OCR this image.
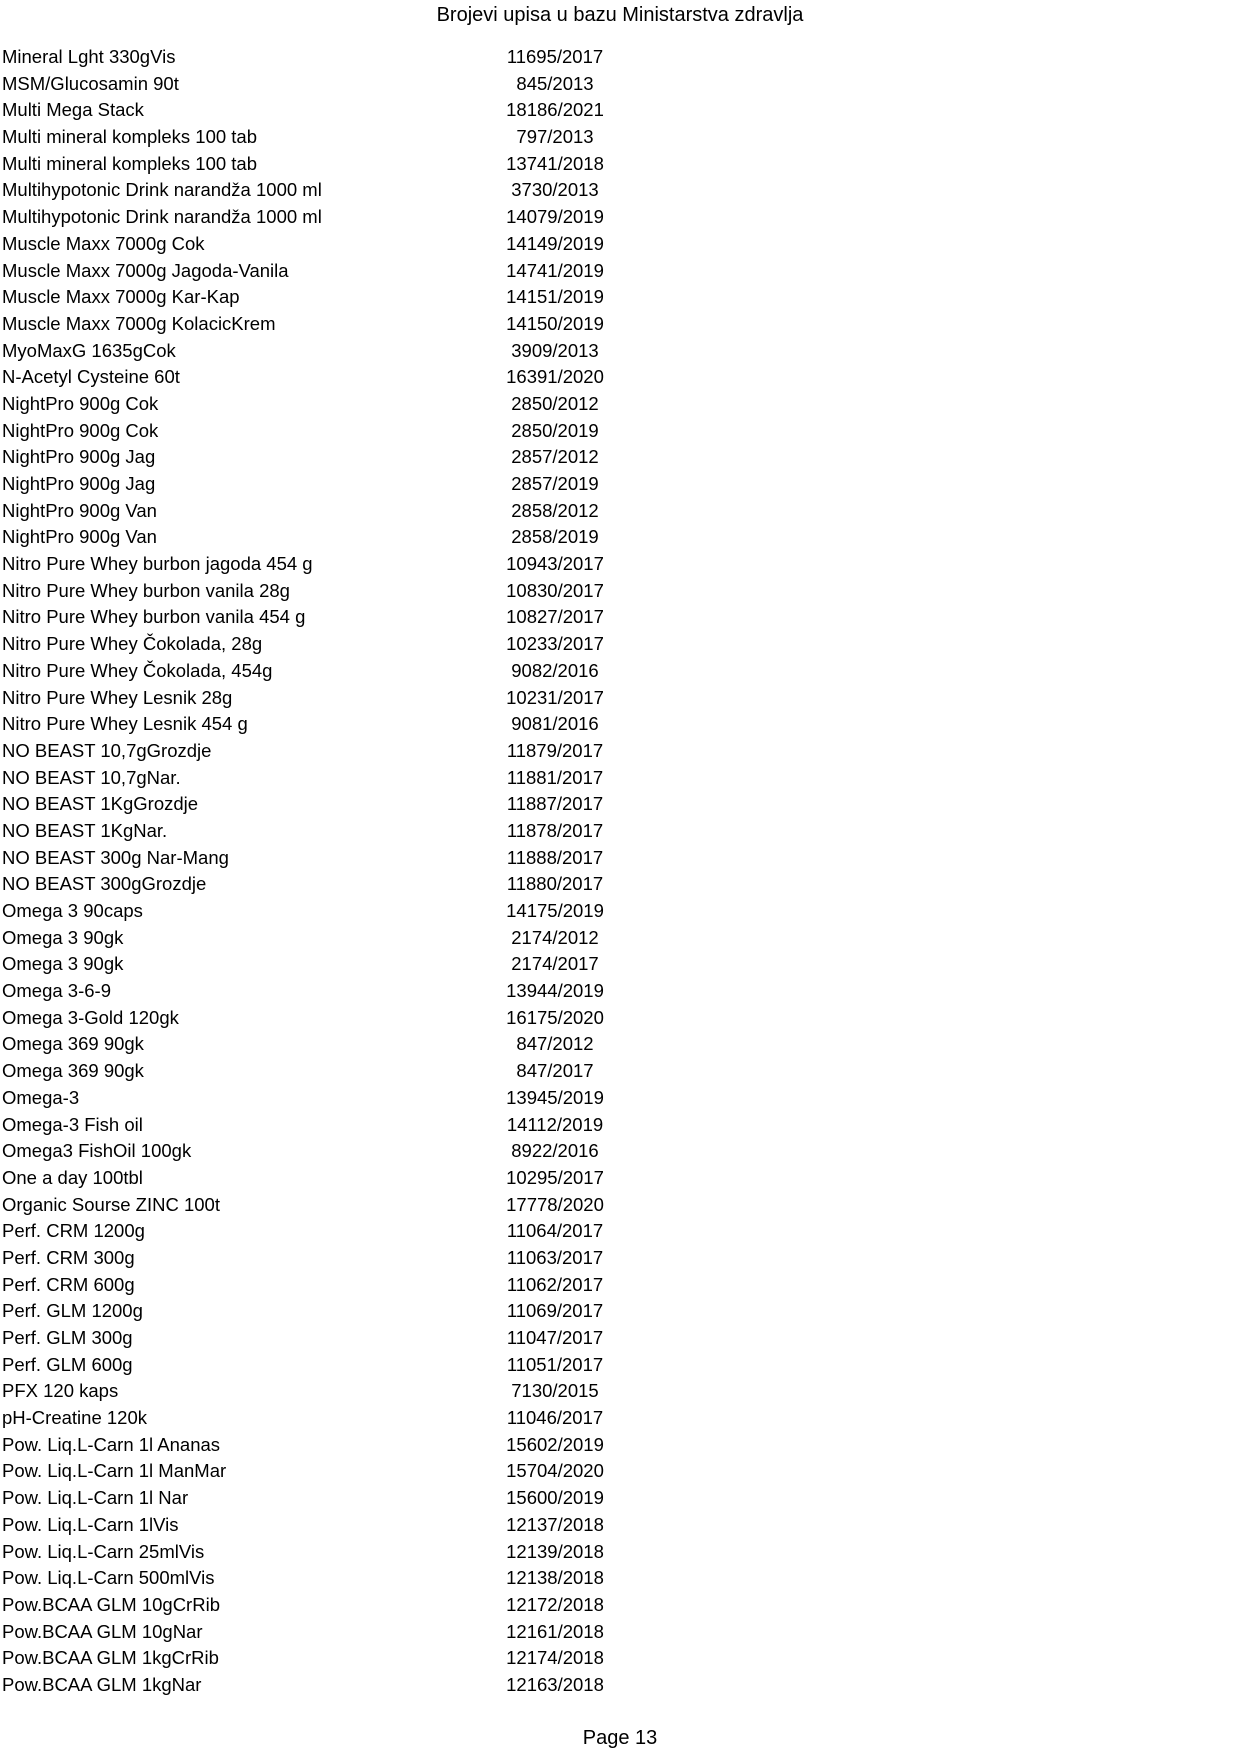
Brojevi upisa u bazu Ministarstva zdravlja
Mineral Lght 330gVis	11695/2017
MSM/Glucosamin 90t	845/2013
Multi Mega Stack	18186/2021
Multi mineral kompleks 100 tab	797/2013
Multi mineral kompleks 100 tab	13741/2018
Multihypotonic Drink narandža 1000 ml	3730/2013
Multihypotonic Drink narandža 1000 ml	14079/2019
Muscle Maxx 7000g Cok	14149/2019
Muscle Maxx 7000g Jagoda-Vanila	14741/2019
Muscle Maxx 7000g Kar-Kap	14151/2019
Muscle Maxx 7000g KolacicKrem	14150/2019
MyoMaxG 1635gCok	3909/2013
N-Acetyl Cysteine 60t	16391/2020
NightPro 900g Cok	2850/2012
NightPro 900g Cok	2850/2019
NightPro 900g Jag	2857/2012
NightPro 900g Jag	2857/2019
NightPro 900g Van	2858/2012
NightPro 900g Van	2858/2019
Nitro Pure Whey burbon jagoda 454 g	10943/2017
Nitro Pure Whey burbon vanila 28g	10830/2017
Nitro Pure Whey burbon vanila 454 g	10827/2017
Nitro Pure Whey Čokolada, 28g	10233/2017
Nitro Pure Whey Čokolada, 454g	9082/2016
Nitro Pure Whey Lesnik 28g	10231/2017
Nitro Pure Whey Lesnik 454 g	9081/2016
NO BEAST 10,7gGrozdje	11879/2017
NO BEAST 10,7gNar.	11881/2017
NO BEAST 1KgGrozdje	11887/2017
NO BEAST 1KgNar.	11878/2017
NO BEAST 300g Nar-Mang	11888/2017
NO BEAST 300gGrozdje	11880/2017
Omega 3 90caps	14175/2019
Omega 3 90gk	2174/2012
Omega 3 90gk	2174/2017
Omega 3-6-9	13944/2019
Omega 3-Gold 120gk	16175/2020
Omega 369 90gk	847/2012
Omega 369 90gk	847/2017
Omega-3	13945/2019
Omega-3 Fish oil	14112/2019
Omega3 FishOil 100gk	8922/2016
One a day 100tbl	10295/2017
Organic Sourse ZINC 100t	17778/2020
Perf. CRM 1200g	11064/2017
Perf. CRM 300g	11063/2017
Perf. CRM 600g	11062/2017
Perf. GLM 1200g	11069/2017
Perf. GLM 300g	11047/2017
Perf. GLM 600g	11051/2017
PFX 120 kaps	7130/2015
pH-Creatine 120k	11046/2017
Pow. Liq.L-Carn 1l Ananas	15602/2019
Pow. Liq.L-Carn 1l ManMar	15704/2020
Pow. Liq.L-Carn 1l Nar	15600/2019
Pow. Liq.L-Carn 1lVis	12137/2018
Pow. Liq.L-Carn 25mlVis	12139/2018
Pow. Liq.L-Carn 500mlVis	12138/2018
Pow.BCAA GLM 10gCrRib	12172/2018
Pow.BCAA GLM 10gNar	12161/2018
Pow.BCAA GLM 1kgCrRib	12174/2018
Pow.BCAA GLM 1kgNar	12163/2018
Page 13
